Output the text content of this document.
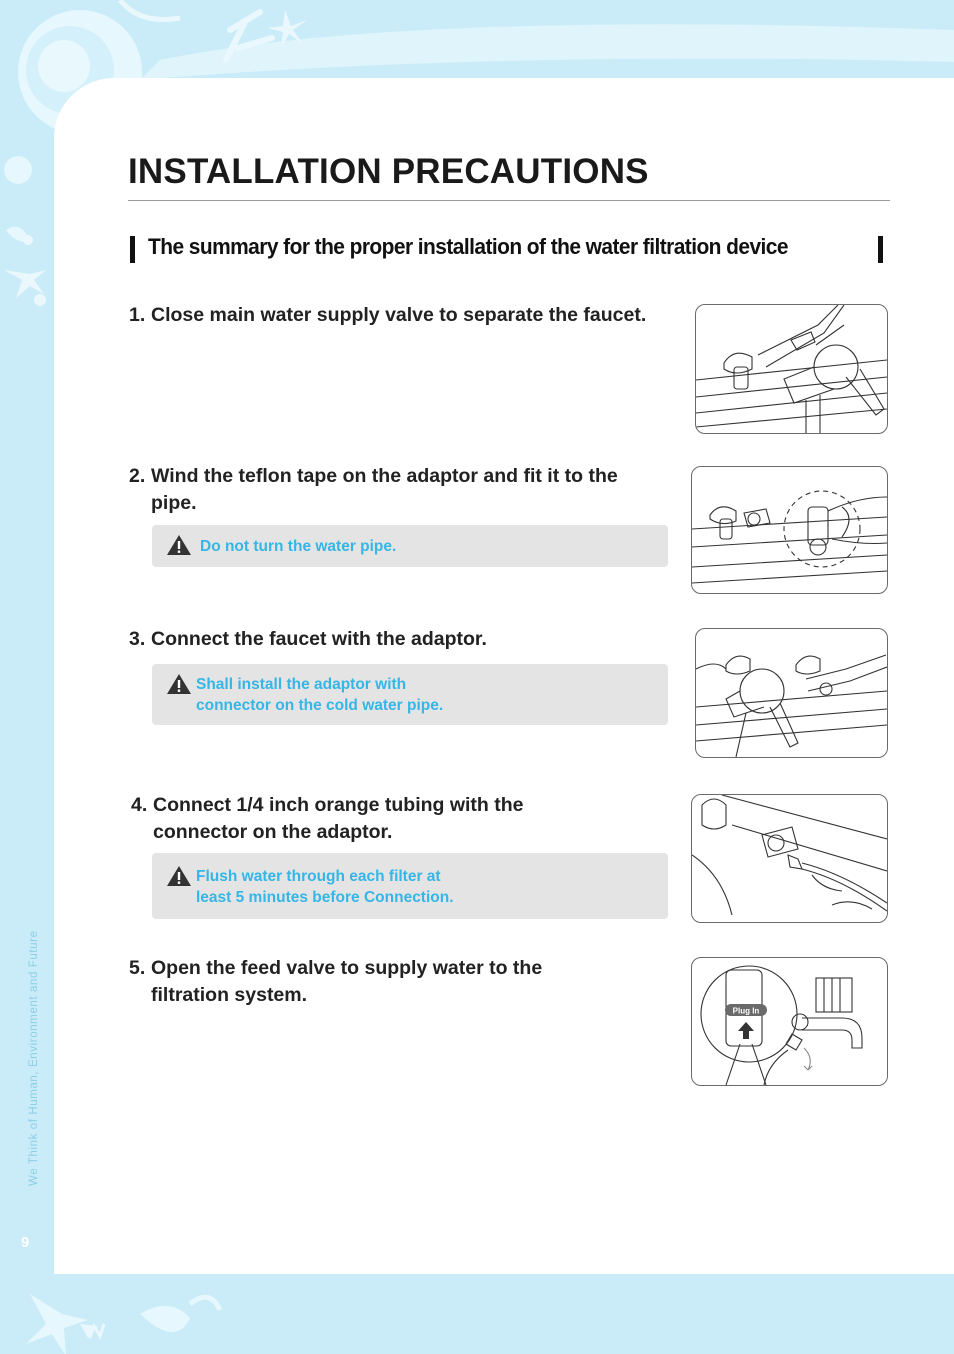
We Think of Human, Environment and Future
9
INSTALLATION PRECAUTIONS
The summary for the proper installation of the water filtration device
1. Close main water supply valve to separate the faucet.
2. Wind the teflon tape on the adaptor and fit it to the
pipe.
Do not turn the water pipe.
3. Connect the faucet with the adaptor.
Shall install the adaptor with
connector on the cold water pipe.
4. Connect 1/4 inch orange tubing with the
connector on the adaptor.
Flush water through each filter at
least 5 minutes before Connection.
5. Open the feed valve to supply water to the
filtration system.
Plug In
